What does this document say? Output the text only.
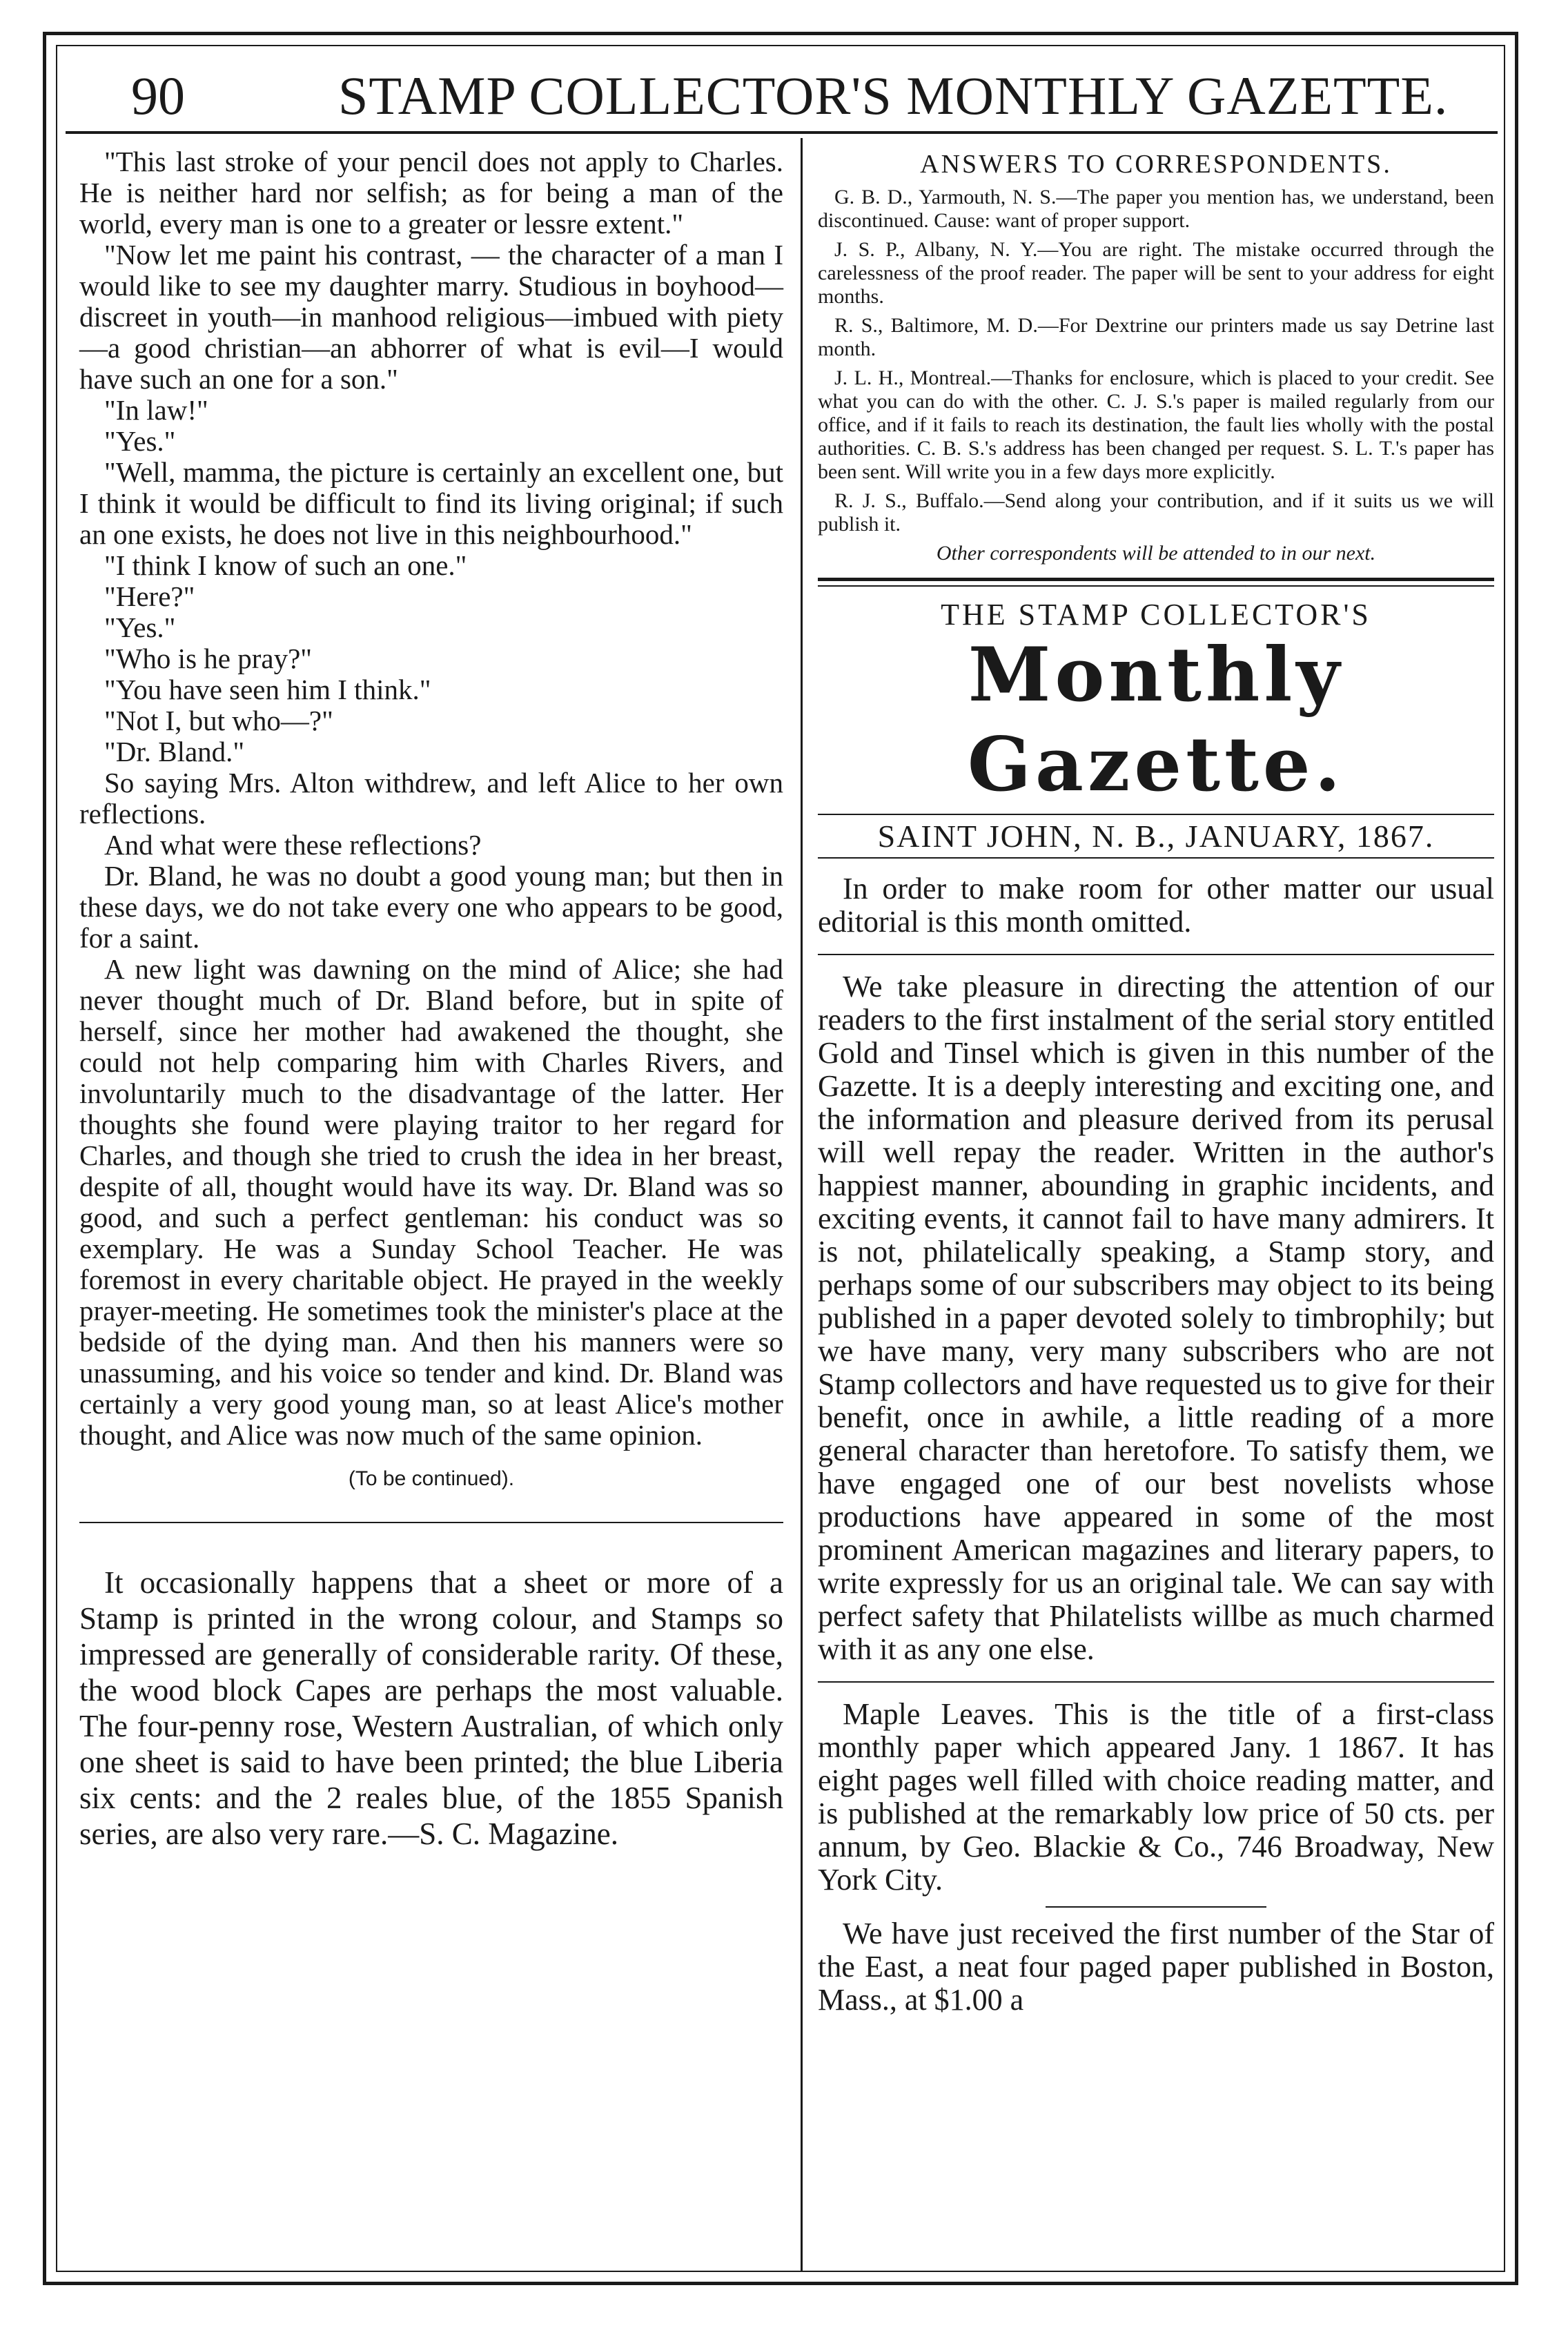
90	STAMP COLLECTOR'S MONTHLY GAZETTE.

"This last stroke of your pencil does not apply to Charles. He is neither hard nor selfish; as for being a man of the world, every man is one to a greater or lessre extent."

"Now let me paint his contrast, — the character of a man I would like to see my daughter marry. Studious in boyhood—discreet in youth—in manhood religious—imbued with piety—a good christian—an abhorrer of what is evil—I would have such an one for a son."

"In law!"

"Yes."

"Well, mamma, the picture is certainly an excellent one, but I think it would be difficult to find its living original; if such an one exists, he does not live in this neighbourhood."

"I think I know of such an one."

"Here?"

"Yes."

"Who is he pray?"

"You have seen him I think."

"Not I, but who—?"

"Dr. Bland."

So saying Mrs. Alton withdrew, and left Alice to her own reflections.

And what were these reflections?

Dr. Bland, he was no doubt a good young man; but then in these days, we do not take every one who appears to be good, for a saint.

A new light was dawning on the mind of Alice; she had never thought much of Dr. Bland before, but in spite of herself, since her mother had awakened the thought, she could not help comparing him with Charles Rivers, and involuntarily much to the disadvantage of the latter. Her thoughts she found were playing traitor to her regard for Charles, and though she tried to crush the idea in her breast, despite of all, thought would have its way. Dr. Bland was so good, and such a perfect gentleman: his conduct was so exemplary. He was a Sunday School Teacher. He was foremost in every charitable object. He prayed in the weekly prayer-meeting. He sometimes took the minister's place at the bedside of the dying man. And then his manners were so unassuming, and his voice so tender and kind. Dr. Bland was certainly a very good young man, so at least Alice's mother thought, and Alice was now much of the same opinion.

(To be continued).

It occasionally happens that a sheet or more of a Stamp is printed in the wrong colour, and Stamps so impressed are generally of considerable rarity. Of these, the wood block Capes are perhaps the most valuable. The four-penny rose, Western Australian, of which only one sheet is said to have been printed; the blue Liberia six cents: and the 2 reales blue, of the 1855 Spanish series, are also very rare.—S. C. Magazine.

ANSWERS TO CORRESPONDENTS.

G. B. D., Yarmouth, N. S.—The paper you mention has, we understand, been discontinued. Cause: want of proper support.

J. S. P., Albany, N. Y.—You are right. The mistake occurred through the carelessness of the proof reader. The paper will be sent to your address for eight months.

R. S., Baltimore, M. D.—For Dextrine our printers made us say Detrine last month.

J. L. H., Montreal.—Thanks for enclosure, which is placed to your credit. See what you can do with the other. C. J. S.'s paper is mailed regularly from our office, and if it fails to reach its destination, the fault lies wholly with the postal authorities. C. B. S.'s address has been changed per request. S. L. T.'s paper has been sent. Will write you in a few days more explicitly.

R. J. S., Buffalo.—Send along your contribution, and if it suits us we will publish it.

Other correspondents will be attended to in our next.

THE STAMP COLLECTOR'S
Monthly Gazette.
SAINT JOHN, N. B., JANUARY, 1867.

In order to make room for other matter our usual editorial is this month omitted.

We take pleasure in directing the attention of our readers to the first instalment of the serial story entitled Gold and Tinsel which is given in this number of the Gazette. It is a deeply interesting and exciting one, and the information and pleasure derived from its perusal will well repay the reader. Written in the author's happiest manner, abounding in graphic incidents, and exciting events, it cannot fail to have many admirers. It is not, philatelically speaking, a Stamp story, and perhaps some of our subscribers may object to its being published in a paper devoted solely to timbrophily; but we have many, very many subscribers who are not Stamp collectors and have requested us to give for their benefit, once in awhile, a little reading of a more general character than heretofore. To satisfy them, we have engaged one of our best novelists whose productions have appeared in some of the most prominent American magazines and literary papers, to write expressly for us an original tale. We can say with perfect safety that Philatelists willbe as much charmed with it as any one else.

Maple Leaves. This is the title of a first-class monthly paper which appeared Jany. 1 1867. It has eight pages well filled with choice reading matter, and is published at the remarkably low price of 50 cts. per annum, by Geo. Blackie & Co., 746 Broadway, New York City.

We have just received the first number of the Star of the East, a neat four paged paper published in Boston, Mass., at $1.00 a
